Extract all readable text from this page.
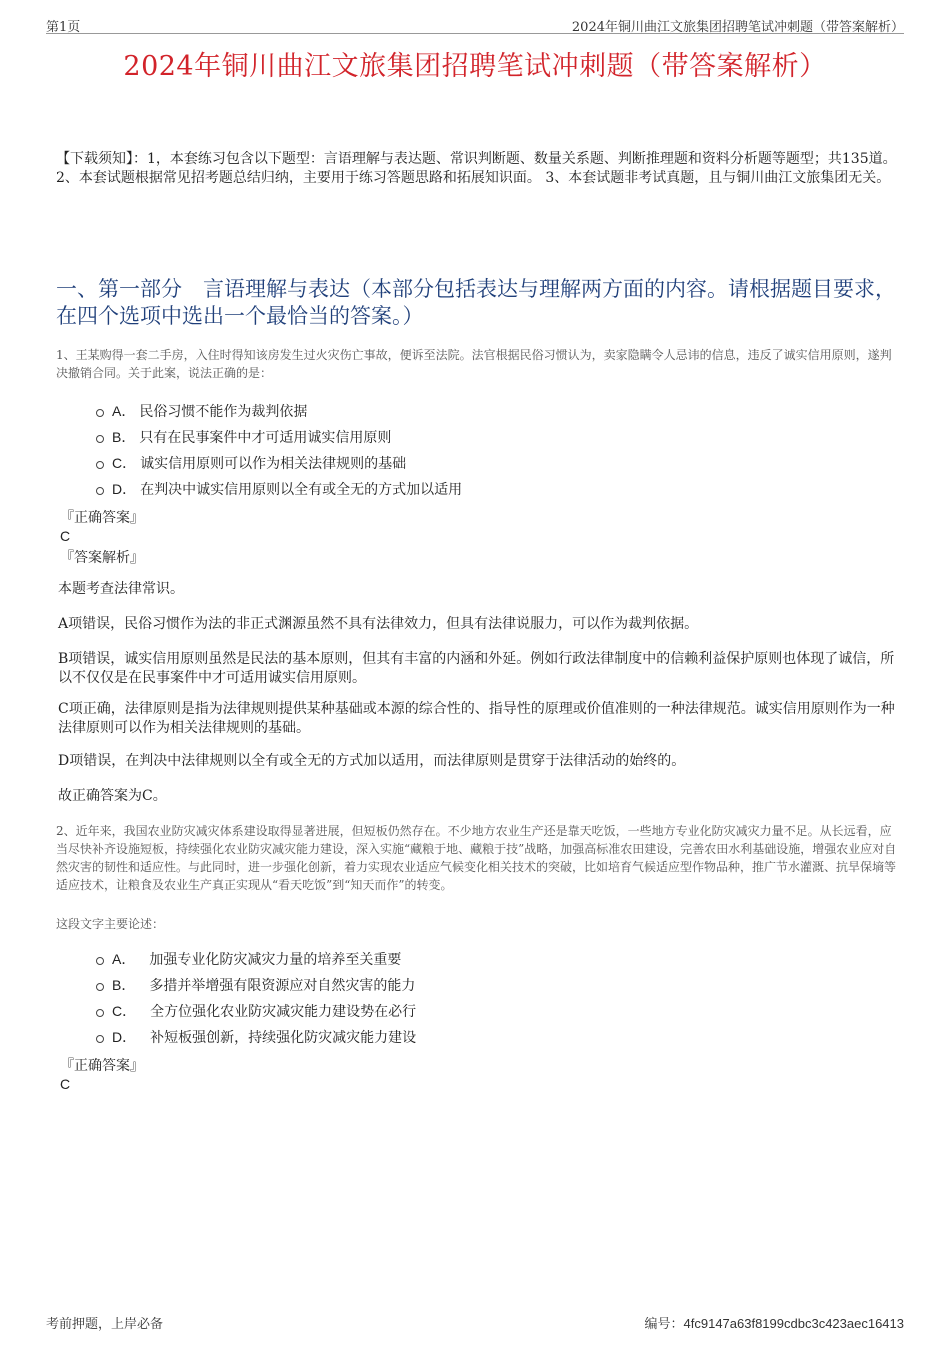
第1页	2024年铜川曲江文旅集团招聘笔试冲刺题（带答案解析）
2024年铜川曲江文旅集团招聘笔试冲刺题（带答案解析）
【下载须知】：1，本套练习包含以下题型：言语理解与表达题、常识判断题、数量关系题、判断推理题和资料分析题等题型；共135道。 2、本套试题根据常见招考题总结归纳，主要用于练习答题思路和拓展知识面。 3、本套试题非考试真题，且与铜川曲江文旅集团无关。
一、第一部分　言语理解与表达（本部分包括表达与理解两方面的内容。请根据题目要求，在四个选项中选出一个最恰当的答案。）
1、王某购得一套二手房，入住时得知该房发生过火灾伤亡事故，便诉至法院。法官根据民俗习惯认为，卖家隐瞒令人忌讳的信息，违反了诚实信用原则，遂判决撤销合同。关于此案，说法正确的是：
A． 民俗习惯不能作为裁判依据
B． 只有在民事案件中才可适用诚实信用原则
C． 诚实信用原则可以作为相关法律规则的基础
D． 在判决中诚实信用原则以全有或全无的方式加以适用
『正确答案』
C
『答案解析』
本题考查法律常识。
A项错误，民俗习惯作为法的非正式渊源虽然不具有法律效力，但具有法律说服力，可以作为裁判依据。
B项错误，诚实信用原则虽然是民法的基本原则，但其有丰富的内涵和外延。例如行政法律制度中的信赖利益保护原则也体现了诚信，所以不仅仅是在民事案件中才可适用诚实信用原则。
C项正确，法律原则是指为法律规则提供某种基础或本源的综合性的、指导性的原理或价值准则的一种法律规范。诚实信用原则作为一种法律原则可以作为相关法律规则的基础。
D项错误，在判决中法律规则以全有或全无的方式加以适用，而法律原则是贯穿于法律活动的始终的。
故正确答案为C。
2、近年来，我国农业防灾减灾体系建设取得显著进展，但短板仍然存在。不少地方农业生产还是靠天吃饭，一些地方专业化防灾减灾力量不足。从长远看，应当尽快补齐设施短板，持续强化农业防灾减灾能力建设，深入实施“藏粮于地、藏粮于技”战略，加强高标准农田建设，完善农田水利基础设施，增强农业应对自然灾害的韧性和适应性。与此同时，进一步强化创新，着力实现农业适应气候变化相关技术的突破，比如培育气候适应型作物品种，推广节水灌溉、抗旱保墒等适应技术，让粮食及农业生产真正实现从“看天吃饭”到“知天而作”的转变。
这段文字主要论述：
A． 加强专业化防灾减灾力量的培养至关重要
B． 多措并举增强有限资源应对自然灾害的能力
C． 全方位强化农业防灾减灾能力建设势在必行
D． 补短板强创新，持续强化防灾减灾能力建设
『正确答案』
C
考前押题，上岸必备	编号：4fc9147a63f8199cdbc3c423aec16413
